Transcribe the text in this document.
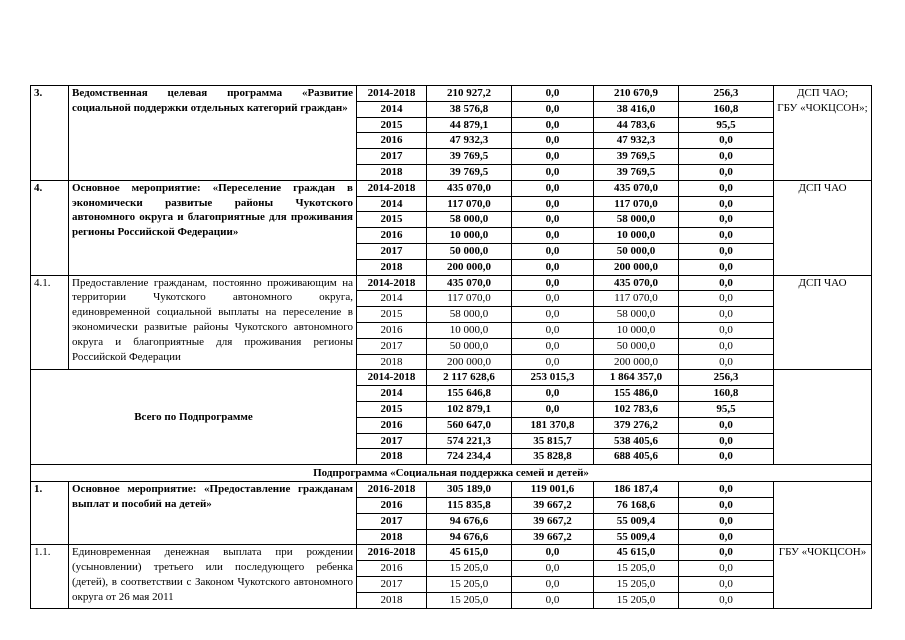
3.	Ведомственная целевая программа «Развитие социальной поддержки отдельных категорий граждан»	2014-2018	210 927,2	0,0	210 670,9	256,3	ДСП ЧАО;
ГБУ «ЧОКЦСОН»;
		2014	38 576,8	0,0	38 416,0	160,8	
		2015	44 879,1	0,0	44 783,6	95,5	
		2016	47 932,3	0,0	47 932,3	0,0	
		2017	39 769,5	0,0	39 769,5	0,0	
		2018	39 769,5	0,0	39 769,5	0,0	
4.	Основное мероприятие: «Переселение граждан в экономически развитые районы Чукотского автономного округа и благоприятные для проживания регионы Российской Федерации»	2014-2018	435 070,0	0,0	435 070,0	0,0	ДСП ЧАО
		2014	117 070,0	0,0	117 070,0	0,0	
		2015	58 000,0	0,0	58 000,0	0,0	
		2016	10 000,0	0,0	10 000,0	0,0	
		2017	50 000,0	0,0	50 000,0	0,0	
		2018	200 000,0	0,0	200 000,0	0,0	
4.1.	Предоставление гражданам, постоянно проживающим на территории Чукотского автономного округа, единовременной социальной выплаты на переселение в экономически развитые районы Чукотского автономного округа и благоприятные для проживания регионы Российской Федерации	2014-2018	435 070,0	0,0	435 070,0	0,0	ДСП ЧАО
		2014	117 070,0	0,0	117 070,0	0,0	
		2015	58 000,0	0,0	58 000,0	0,0	
		2016	10 000,0	0,0	10 000,0	0,0	
		2017	50 000,0	0,0	50 000,0	0,0	
		2018	200 000,0	0,0	200 000,0	0,0	
Всего по Подпрограмме		2014-2018	2 117 628,6	253 015,3	1 864 357,0	256,3	
		2014	155 646,8	0,0	155 486,0	160,8	
		2015	102 879,1	0,0	102 783,6	95,5	
		2016	560 647,0	181 370,8	379 276,2	0,0	
		2017	574 221,3	35 815,7	538 405,6	0,0	
		2018	724 234,4	35 828,8	688 405,6	0,0	
Подпрограмма «Социальная поддержка семей и детей»							
1.	Основное мероприятие: «Предоставление гражданам выплат и пособий на детей»	2016-2018	305 189,0	119 001,6	186 187,4	0,0	
		2016	115 835,8	39 667,2	76 168,6	0,0	
		2017	94 676,6	39 667,2	55 009,4	0,0	
		2018	94 676,6	39 667,2	55 009,4	0,0	
1.1.	Единовременная денежная выплата при рождении (усыновлении) третьего или последующего ребенка (детей), в соответствии с Законом Чукотского автономного округа от 26 мая 2011	2016-2018	45 615,0	0,0	45 615,0	0,0	ГБУ «ЧОКЦСОН»
		2016	15 205,0	0,0	15 205,0	0,0	
		2017	15 205,0	0,0	15 205,0	0,0	
		2018	15 205,0	0,0	15 205,0	0,0	
